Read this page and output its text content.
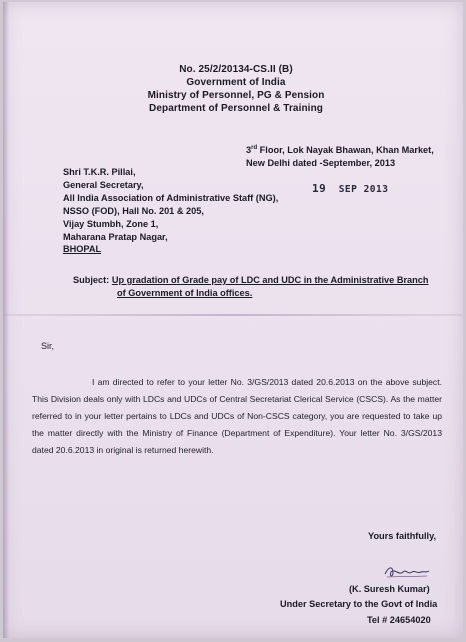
No. 25/2/20134-CS.II (B)
Government of India
Ministry of Personnel, PG & Pension
Department of Personnel & Training
3rd Floor, Lok Nayak Bhawan, Khan Market,
New Delhi dated -September, 2013
19 SEP 2013
Shri T.K.R. Pillai,
General Secretary,
All India Association of Administrative Staff (NG),
NSSO (FOD), Hall No. 201 & 205,
Vijay Stumbh, Zone 1,
Maharana Pratap Nagar,
BHOPAL
Subject: Up gradation of Grade pay of LDC and UDC in the Administrative Branch
of Government of India offices.
Sir,

I am directed to refer to your letter No. 3/GS/2013 dated 20.6.2013 on the above subject. This Division deals only with LDCs and UDCs of Central Secretariat Clerical Service (CSCS). As the matter referred to in your letter pertains to LDCs and UDCs of Non-CSCS category, you are requested to take up the matter directly with the Ministry of Finance (Department of Expenditure). Your letter No. 3/GS/2013 dated 20.6.2013 in original is returned herewith.

Yours faithfully,
(K. Suresh Kumar)
Under Secretary to the Govt of India
Tel # 24654020
